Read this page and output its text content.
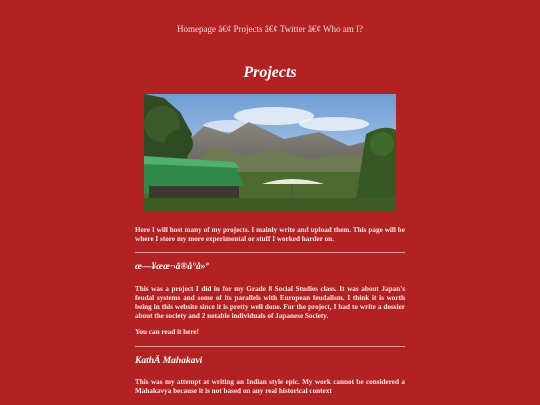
Homepage â€¢ Projects â€¢ Twitter â€¢ Who am I?
Projects

Here I will host many of my projects. I mainly write and upload them. This page will be where I store my more experimental or stuff I worked harder on.

æ—¥æœ¬ã®å°å»º

This was a project I did in for my Grade 8 Social Studies class. It was about Japan's feudal systems and some of its parallels with European feudalism. I think it is worth being in this website since it is pretty well done. For the project, I had to write a dossier about the society and 2 notable individuals of Japanese Society.

You can read it here!

KathÄ Mahakavi

This was my attempt at writing an Indian style epic. My work cannot be considered a Mahakavya because it is not based on any real historical context
